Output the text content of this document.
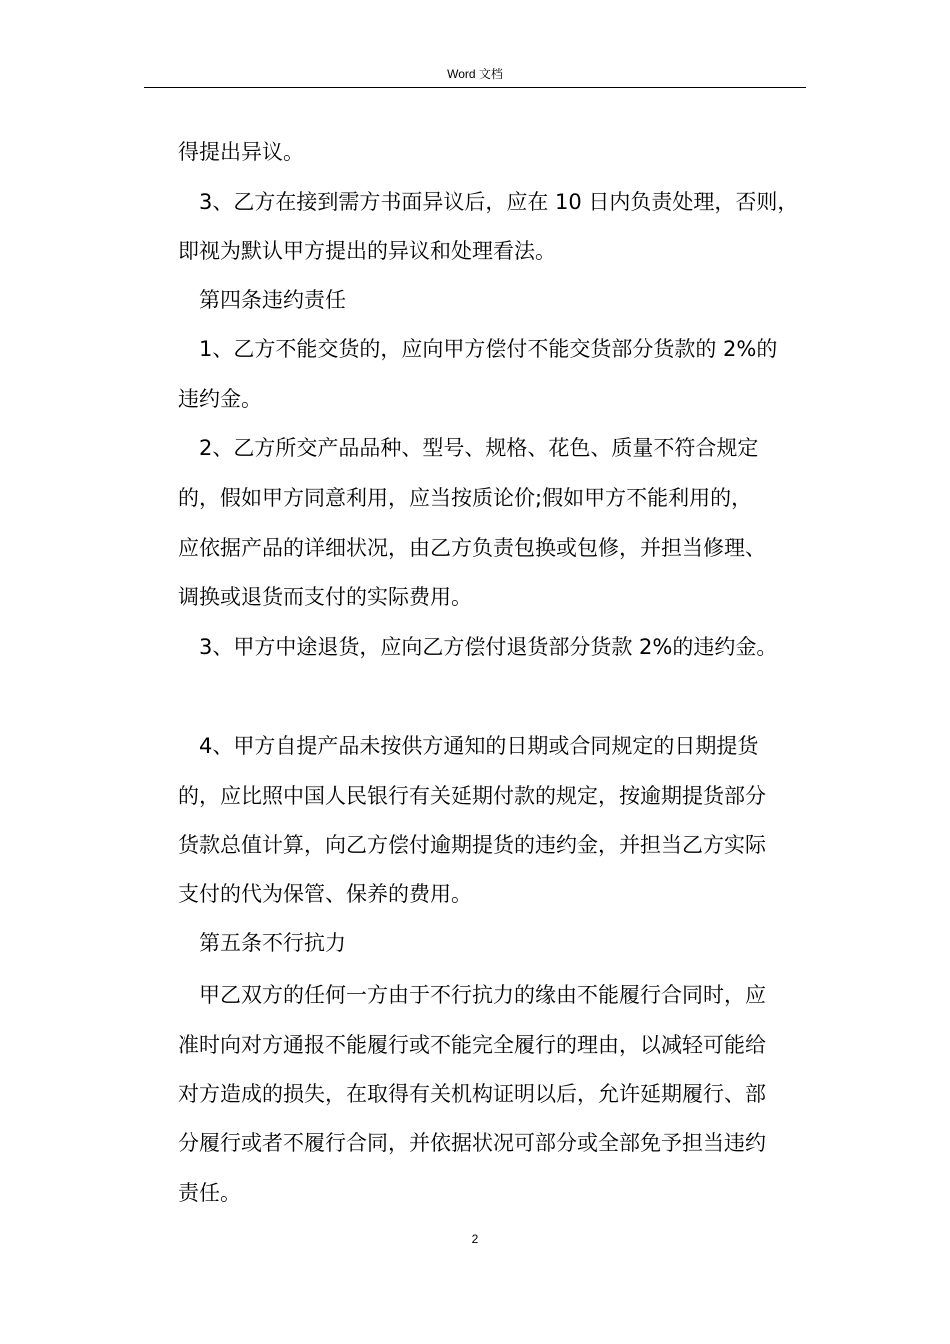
Word 文档
得提出异议。
3、乙方在接到需方书面异议后，应在 10 日内负责处理，否则，
即视为默认甲方提出的异议和处理看法。
第四条违约责任
1、乙方不能交货的，应向甲方偿付不能交货部分货款的 2%的
违约金。
2、乙方所交产品品种、型号、规格、花色、质量不符合规定
的，假如甲方同意利用，应当按质论价;假如甲方不能利用的，
应依据产品的详细状况，由乙方负责包换或包修，并担当修理、
调换或退货而支付的实际费用。
3、甲方中途退货，应向乙方偿付退货部分货款 2%的违约金。
4、甲方自提产品未按供方通知的日期或合同规定的日期提货
的，应比照中国人民银行有关延期付款的规定，按逾期提货部分
货款总值计算，向乙方偿付逾期提货的违约金，并担当乙方实际
支付的代为保管、保养的费用。
第五条不行抗力
甲乙双方的任何一方由于不行抗力的缘由不能履行合同时，应
准时向对方通报不能履行或不能完全履行的理由，以减轻可能给
对方造成的损失，在取得有关机构证明以后，允许延期履行、部
分履行或者不履行合同，并依据状况可部分或全部免予担当违约
责任。
2
